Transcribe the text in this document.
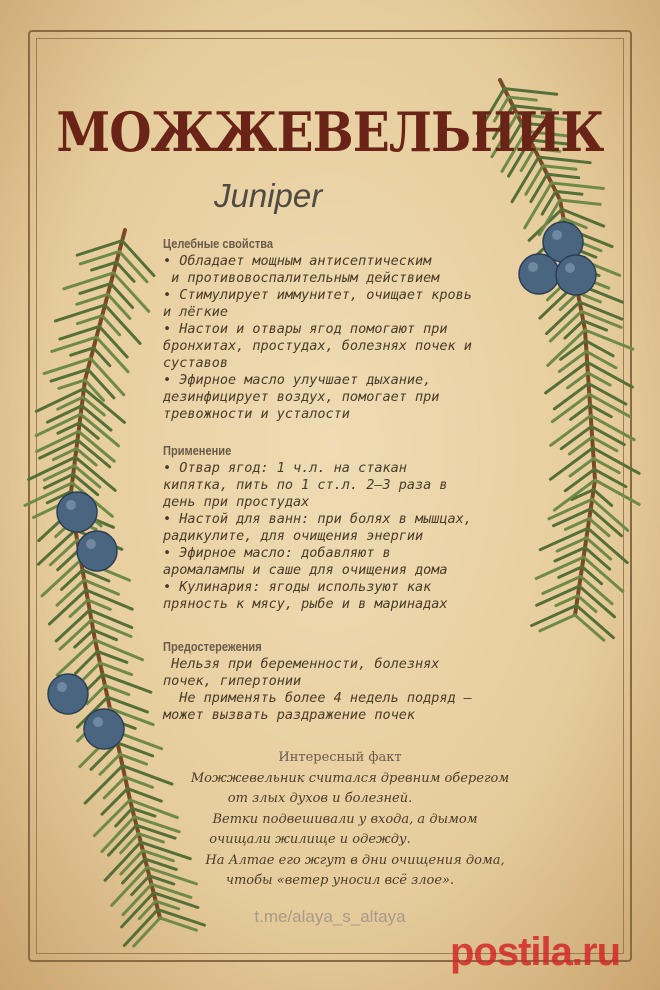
МОЖЖЕВЕЛЬНИК
Juniper
Целебные свойства
• Обладает мощным антисептическим
и противовоспалительным действием
• Стимулирует иммунитет, очищает кровь
и лёгкие
• Настои и отвары ягод помогают при
бронхитах, простудах, болезнях почек и
суставов
• Эфирное масло улучшает дыхание,
дезинфицирует воздух, помогает при
тревожности и усталости
Применение
• Отвар ягод: 1 ч.л. на стакан
кипятка, пить по 1 ст.л. 2–3 раза в
день при простудах
• Настой для ванн: при болях в мышцах,
радикулите, для очищения энергии
• Эфирное масло: добавляют в
аромалампы и саше для очищения дома
• Кулинария: ягоды используют как
пряность к мясу, рыбе и в маринадах
Предостережения
Нельзя при беременности, болезнях
почек, гипертонии
Не применять более 4 недель подряд –
может вызвать раздражение почек
Интересный факт
Можжевельник считался древним оберегом
от злых духов и болезней.
Ветки подвешивали у входа, а дымом
очищали жилище и одежду.
На Алтае его жгут в дни очищения дома,
чтобы «ветер уносил всё злое».
t.me/alaya_s_altaya
postila.ru
